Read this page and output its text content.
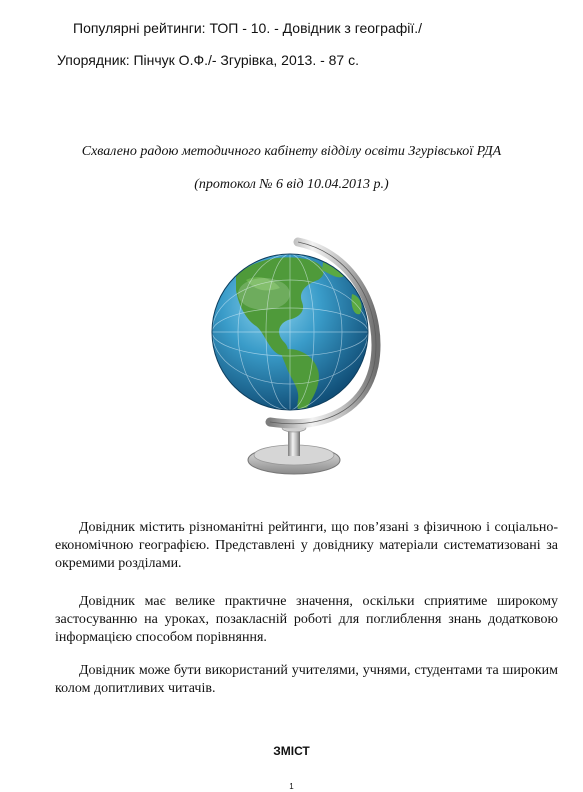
Популярні рейтинги: ТОП - 10. - Довідник з географії./
Упорядник: Пінчук О.Ф./- Згурівка, 2013. - 87 с.
Схвалено радою методичного кабінету відділу освіти Згурівської РДА
(протокол № 6 від 10.04.2013 р.)
Довідник містить різноманітні рейтинги, що пов’язані з фізичною і соціально-економічною географією. Представлені у довіднику матеріали систематизовані за окремими розділами.
Довідник має велике практичне значення, оскільки сприятиме широкому застосуванню на уроках, позакласній роботі для поглиблення знань додатковою інформацією способом порівняння.
Довідник може бути використаний учителями, учнями, студентами та широким колом допитливих читачів.
ЗМІСТ
1
